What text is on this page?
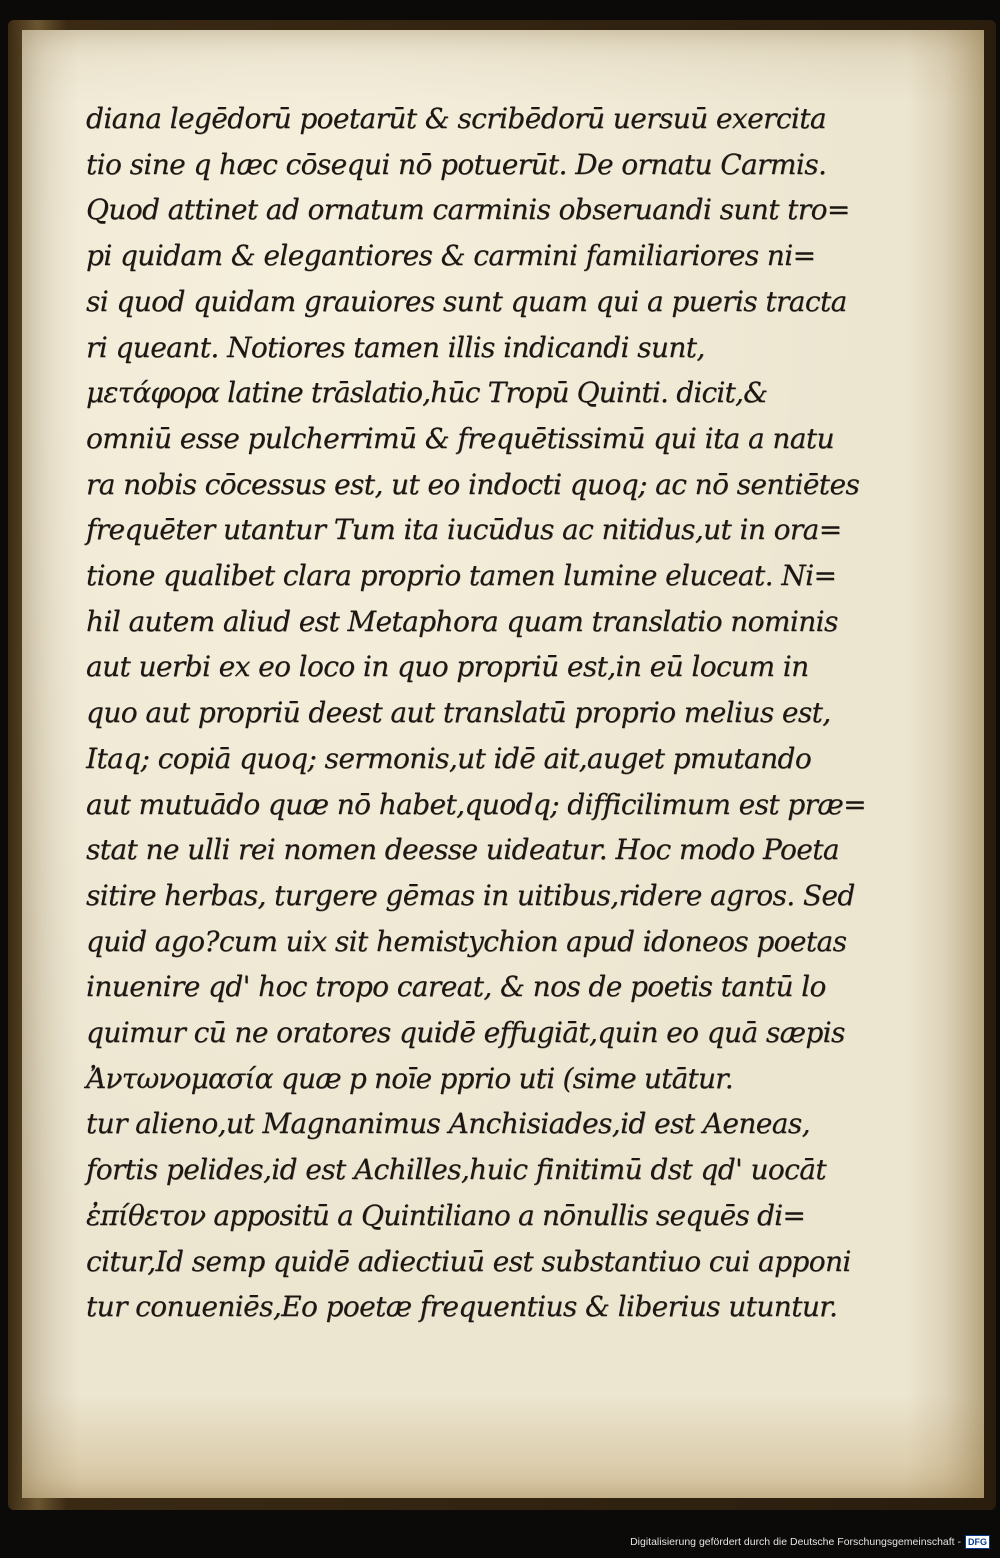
diana legēdorū poetarūt & scribēdorū uersuū exercita
tio sine q hæc cōsequi nō potuerūt. De ornatu Carmis.
Quod attinet ad ornatum carminis obseruandi sunt tro=
pi quidam & elegantiores & carmini familiariores ni=
si quod quidam grauiores sunt quam qui a pueris tracta
ri queant. Notiores tamen illis indicandi sunt,
μετάφορα latine trāslatio,hūc Tropū Quinti. dicit,&
omniū esse pulcherrimū & frequētissimū qui ita a natu
ra nobis cōcessus est, ut eo indocti quoq; ac nō sentiētes
frequēter utantur Tum ita iucūdus ac nitidus,ut in ora=
tione qualibet clara proprio tamen lumine eluceat. Ni=
hil autem aliud est Metaphora quam translatio nominis
aut uerbi ex eo loco in quo propriū est,in eū locum in
quo aut propriū deest aut translatū proprio melius est,
Itaq; copiā quoq; sermonis,ut idē ait,auget pmutando
aut mutuādo quæ nō habet,quodq; difficilimum est præ=
stat ne ulli rei nomen deesse uideatur. Hoc modo Poeta
sitire herbas, turgere gēmas in uitibus,ridere agros. Sed
quid ago?cum uix sit hemistychion apud idoneos poetas
inuenire qd' hoc tropo careat, & nos de poetis tantū lo
quimur cū ne oratores quidē effugiāt,quin eo quā sæpis
Ἀντωνομασία quæ p noīe pprio uti (sime utātur.
tur alieno,ut Magnanimus Anchisiades,id est Aeneas,
fortis pelides,id est Achilles,huic finitimū dst qd' uocāt
ἐπίθετον appositū a Quintiliano a nōnullis sequēs di=
citur,Id semp quidē adiectiuū est substantiuo cui apponi
tur conueniēs,Eo poetæ frequentius & liberius utuntur.
Digitalisierung gefördert durch die Deutsche Forschungsgemeinschaft - DFG
